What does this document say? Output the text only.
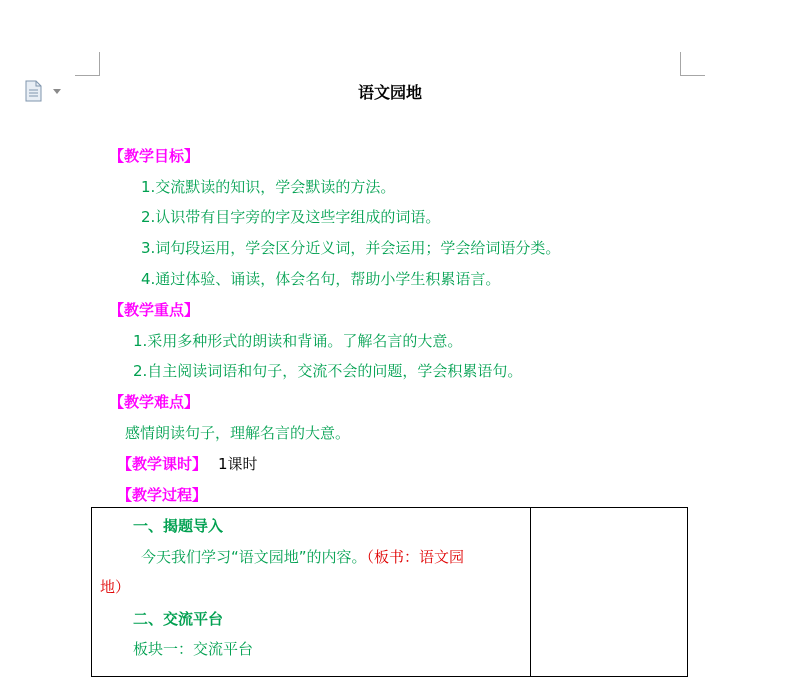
语文园地
【教学目标】
1.交流默读的知识，学会默读的方法。
2.认识带有目字旁的字及这些字组成的词语。
3.词句段运用，学会区分近义词，并会运用；学会给词语分类。
4.通过体验、诵读，体会名句，帮助小学生积累语言。
【教学重点】
1.采用多种形式的朗读和背诵。了解名言的大意。
2.自主阅读词语和句子，交流不会的问题，学会积累语句。
【教学难点】
感情朗读句子，理解名言的大意。
【教学课时】 1课时
【教学过程】
一、揭题导入
今天我们学习“语文园地”的内容。（板书：语文园
地）
二、交流平台
板块一：交流平台
